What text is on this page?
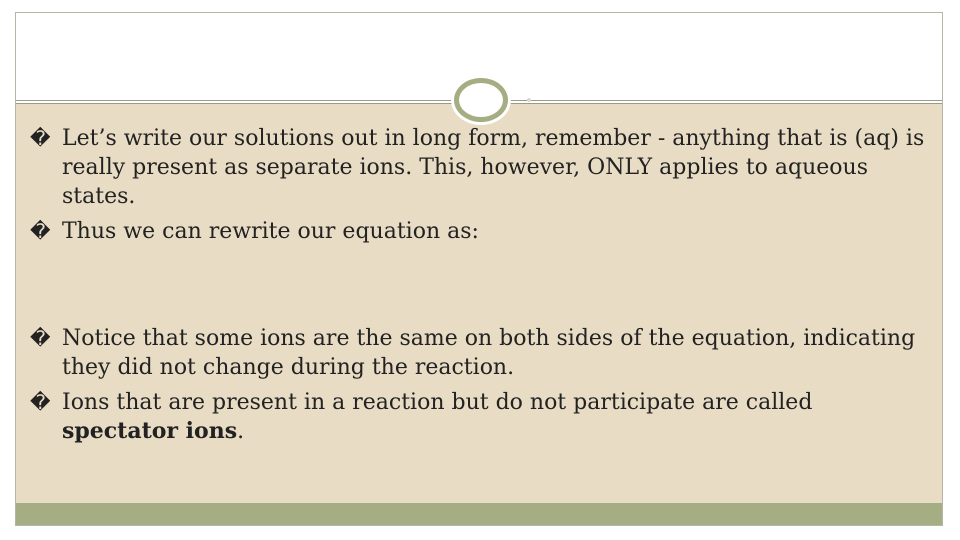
� Let’s write our solutions out in long form, remember - anything that is (aq) is really present as separate ions. This, however, ONLY applies to aqueous states.

� Thus we can rewrite our equation as:

� Notice that some ions are the same on both sides of the equation, indicating they did not change during the reaction.

� Ions that are present in a reaction but do not participate are called spectator ions.
